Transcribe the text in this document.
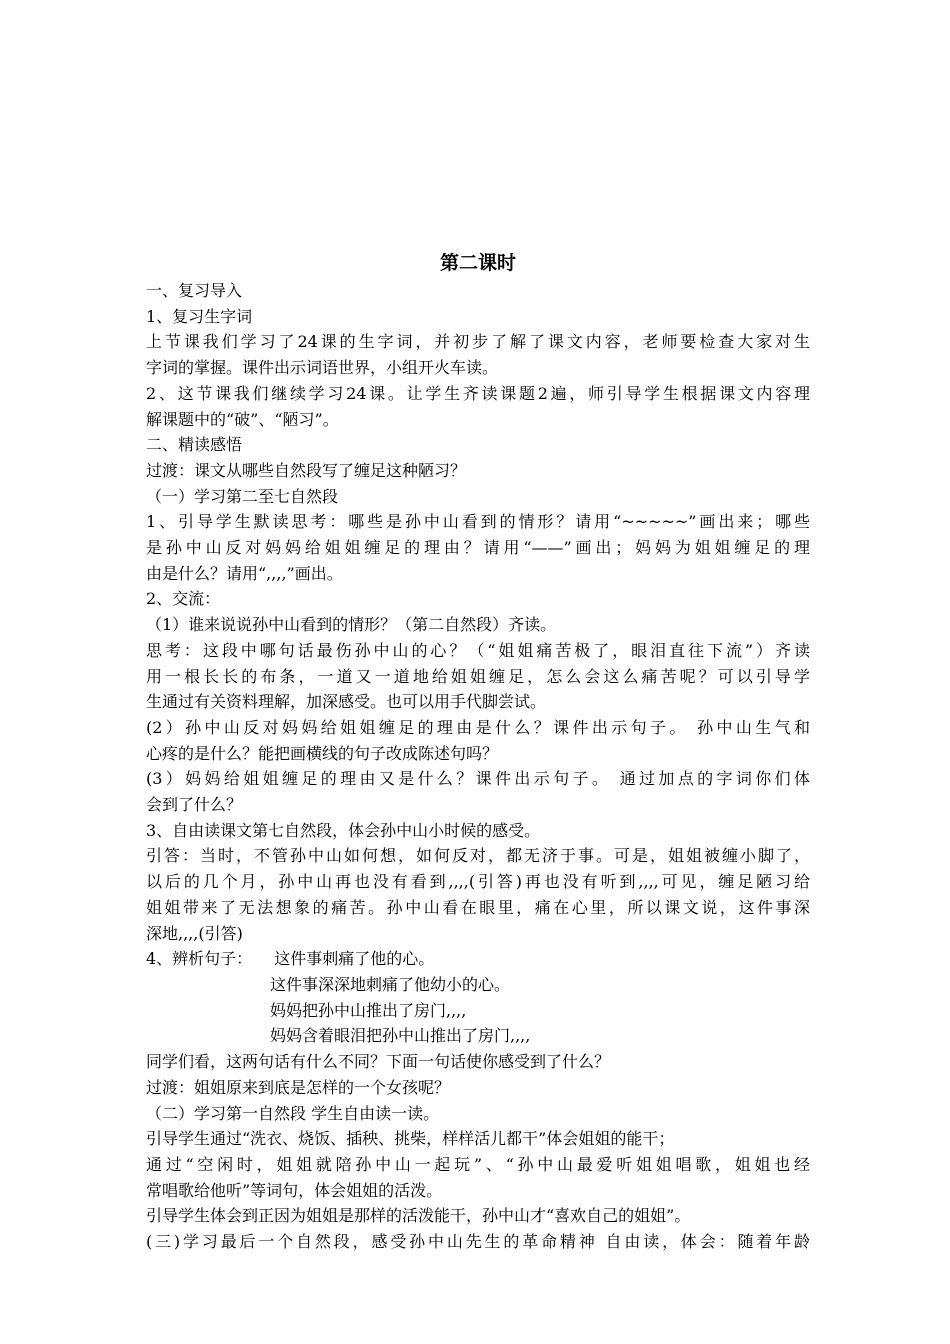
第二课时
一、复习导入
1、复习生字词
上节课我们学习了24课的生字词，并初步了解了课文内容，老师要检查大家对生
字词的掌握。课件出示词语世界，小组开火车读。
2、这节课我们继续学习24课。让学生齐读课题2遍，师引导学生根据课文内容理
解课题中的“破”、“陋习”。
二、精读感悟
过渡：课文从哪些自然段写了缠足这种陋习？
（一）学习第二至七自然段
1、引导学生默读思考：哪些是孙中山看到的情形？请用“~~~~~”画出来；哪些
是孙中山反对妈妈给姐姐缠足的理由？请用“——”画出；妈妈为姐姐缠足的理
由是什么？请用“,,,,”画出。
2、交流：
（1）谁来说说孙中山看到的情形？（第二自然段）齐读。
思考：这段中哪句话最伤孙中山的心？（“姐姐痛苦极了，眼泪直往下流”）齐读
用一根长长的布条，一道又一道地给姐姐缠足，怎么会这么痛苦呢？可以引导学
生通过有关资料理解，加深感受。也可以用手代脚尝试。
(2）孙中山反对妈妈给姐姐缠足的理由是什么？课件出示句子。 孙中山生气和
心疼的是什么？能把画横线的句子改成陈述句吗？
(3）妈妈给姐姐缠足的理由又是什么？课件出示句子。 通过加点的字词你们体
会到了什么？
3、自由读课文第七自然段，体会孙中山小时候的感受。
引答：当时，不管孙中山如何想，如何反对，都无济于事。可是，姐姐被缠小脚了，
以后的几个月，孙中山再也没有看到,,,,(引答)再也没有听到,,,,可见，缠足陋习给
姐姐带来了无法想象的痛苦。孙中山看在眼里，痛在心里，所以课文说，这件事深
深地,,,,(引答)
4、辨析句子： 这件事刺痛了他的心。
这件事深深地刺痛了他幼小的心。
妈妈把孙中山推出了房门,,,,
妈妈含着眼泪把孙中山推出了房门,,,,
同学们看，这两句话有什么不同？下面一句话使你感受到了什么？
过渡：姐姐原来到底是怎样的一个女孩呢？
（二）学习第一自然段 学生自由读一读。
引导学生通过“洗衣、烧饭、插秧、挑柴，样样活儿都干”体会姐姐的能干；
通过“空闲时，姐姐就陪孙中山一起玩”、“孙中山最爱听姐姐唱歌，姐姐也经
常唱歌给他听”等词句，体会姐姐的活泼。
引导学生体会到正因为姐姐是那样的活泼能干，孙中山才“喜欢自己的姐姐”。
(三)学习最后一个自然段，感受孙中山先生的革命精神 自由读，体会：随着年龄
